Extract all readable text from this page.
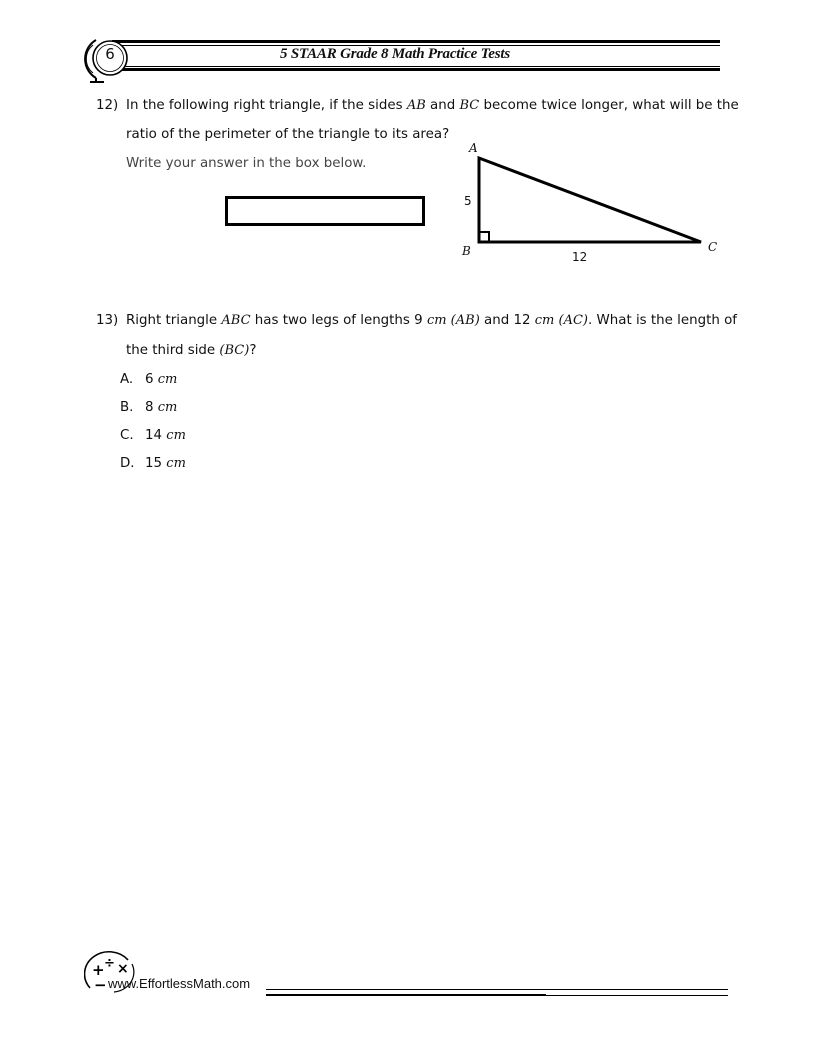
6	5 STAAR Grade 8 Math Practice Tests
12) In the following right triangle, if the sides AB and BC become twice longer, what will be the
ratio of the perimeter of the triangle to its area?
Write your answer in the box below.
A
5
B	12
C
13) Right triangle ABC has two legs of lengths 9 cm (AB) and 12 cm (AC). What is the length of
the third side (BC)?
A. 6 cm
B. 8 cm
C. 14 cm
D. 15 cm
+ ÷ ×
− www.EffortlessMath.com
